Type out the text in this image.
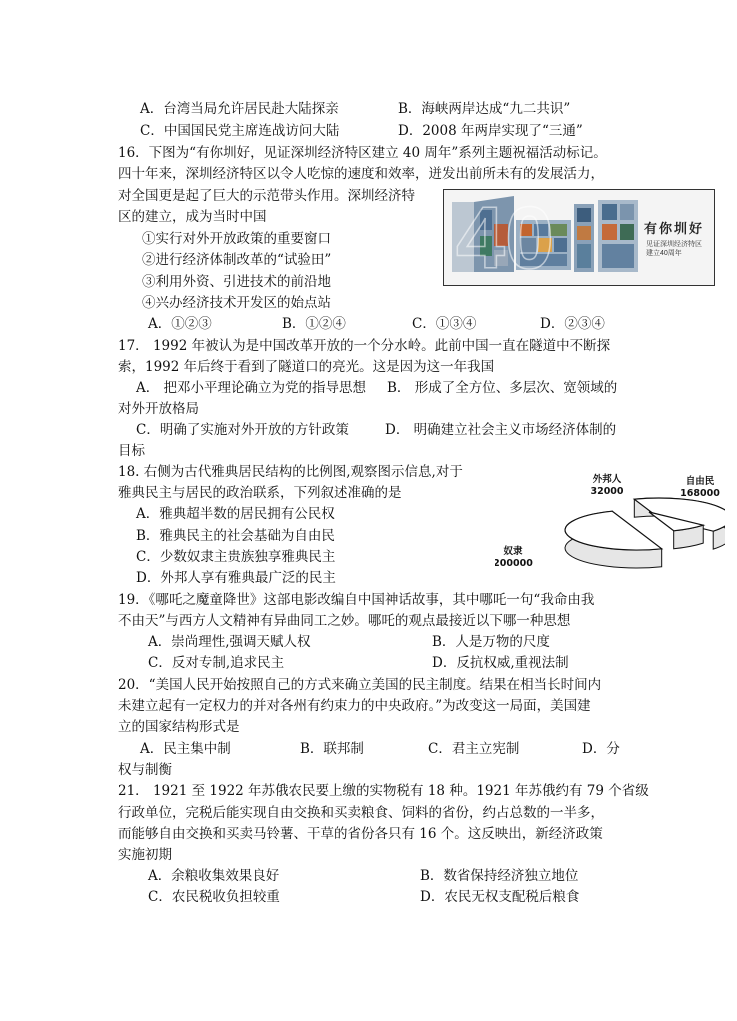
A．台湾当局允许居民赴大陆探亲	B．海峡两岸达成“九二共识”
C．中国国民党主席连战访问大陆	D．2008 年两岸实现了“三通”
16．下图为“有你圳好，见证深圳经济特区建立 40 周年”系列主题祝福活动标记。
四十年来，深圳经济特区以令人吃惊的速度和效率，迸发出前所未有的发展活力，
对全国更是起了巨大的示范带头作用。深圳经济特
区的建立，成为当时中国
①实行对外开放政策的重要窗口
②进行经济体制改革的“试验田”
③利用外资、引进技术的前沿地
④兴办经济技术开发区的始点站
A．①②③	B．①②④	C．①③④	D．②③④
40	有你圳好
见证深圳经济特区
建立40周年
17． 1992 年被认为是中国改革开放的一个分水岭。此前中国一直在隧道中不断探
索，1992 年后终于看到了隧道口的亮光。这是因为这一年我国
A． 把邓小平理论确立为党的指导思想 B． 形成了全方位、多层次、宽领域的
对外开放格局
C．明确了实施对外开放的方针政策	D． 明确建立社会主义市场经济体制的
目标
18. 右侧为古代雅典居民结构的比例图,观察图示信息,对于
雅典民主与居民的政治联系，下列叙述准确的是
A．雅典超半数的居民拥有公民权
B．雅典民主的社会基础为自由民
C．少数奴隶主贵族独享雅典民主
D．外邦人享有雅典最广泛的民主
自由民
168000
外邦人
32000
奴隶
200000
19．《哪吒之魔童降世》这部电影改编自中国神话故事，其中哪吒一句“我命由我
不由天”与西方人文精神有异曲同工之妙。哪吒的观点最接近以下哪一种思想
A．崇尚理性,强调天赋人权	B．人是万物的尺度
C．反对专制,追求民主	D．反抗权威,重视法制
20．“美国人民开始按照自己的方式来确立美国的民主制度。结果在相当长时间内
未建立起有一定权力的并对各州有约束力的中央政府。”为改变这一局面，美国建
立的国家结构形式是
A．民主集中制	B．联邦制	C．君主立宪制	D．分
权与制衡
21． 1921 至 1922 年苏俄农民要上缴的实物税有 18 种。1921 年苏俄约有 79 个省级
行政单位，完税后能实现自由交换和买卖粮食、饲料的省份，约占总数的一半多，
而能够自由交换和买卖马铃薯、干草的省份各只有 16 个。这反映出，新经济政策
实施初期
A．余粮收集效果良好	B．数省保持经济独立地位
C．农民税收负担较重	D．农民无权支配税后粮食
